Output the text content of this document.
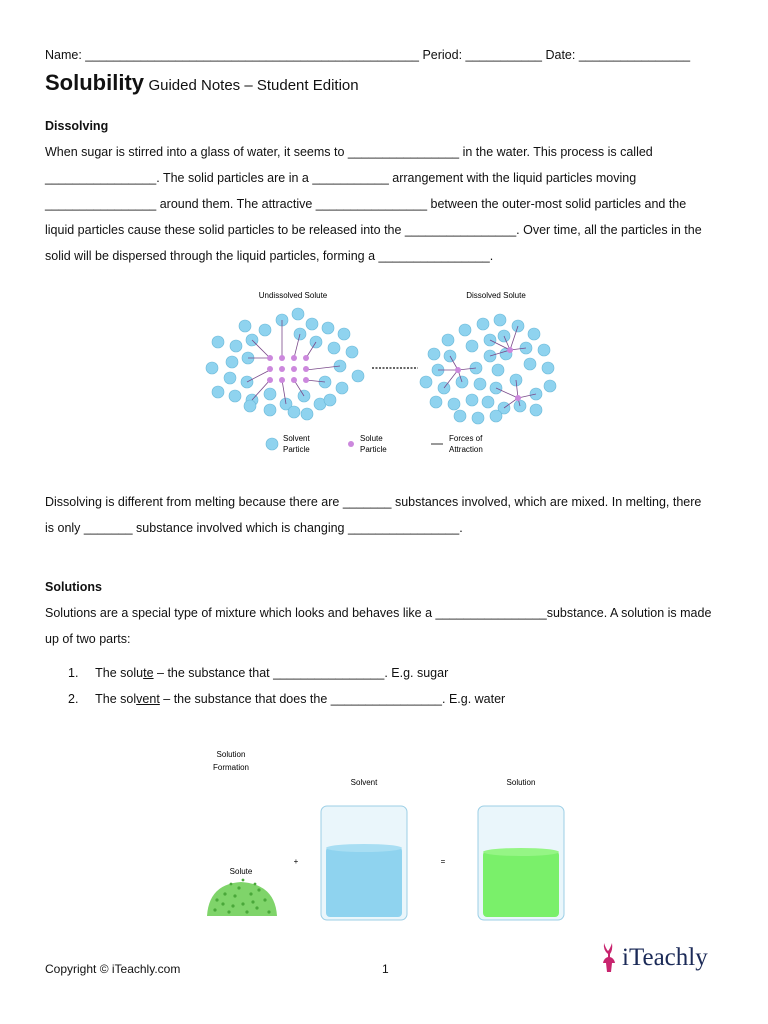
Name: ________________________________________________ Period: ___________ Date: ________________
Solubility Guided Notes – Student Edition
Dissolving
When sugar is stirred into a glass of water, it seems to ________________ in the water. This process is called
________________. The solid particles are in a ___________ arrangement with the liquid particles moving
________________ around them. The attractive ________________ between the outer-most solid particles and the
liquid particles cause these solid particles to be released into the ________________. Over time, all the particles in the
solid will be dispersed through the liquid particles, forming a ________________.
Undissolved Solute	Dissolved Solute
Solvent
Particle
Solute
Particle
Forces of
Attraction
Dissolving is different from melting because there are _______ substances involved, which are mixed. In melting, there
is only _______ substance involved which is changing ________________.
Solutions
Solutions are a special type of mixture which looks and behaves like a ________________substance. A solution is made
up of two parts:
1. The solute – the substance that ________________. E.g. sugar
2. The solvent – the substance that does the ________________. E.g. water
Solution
Formation
Solvent	Solution
Solute
+	=
Copyright © iTeachly.com	1	iTeachly
